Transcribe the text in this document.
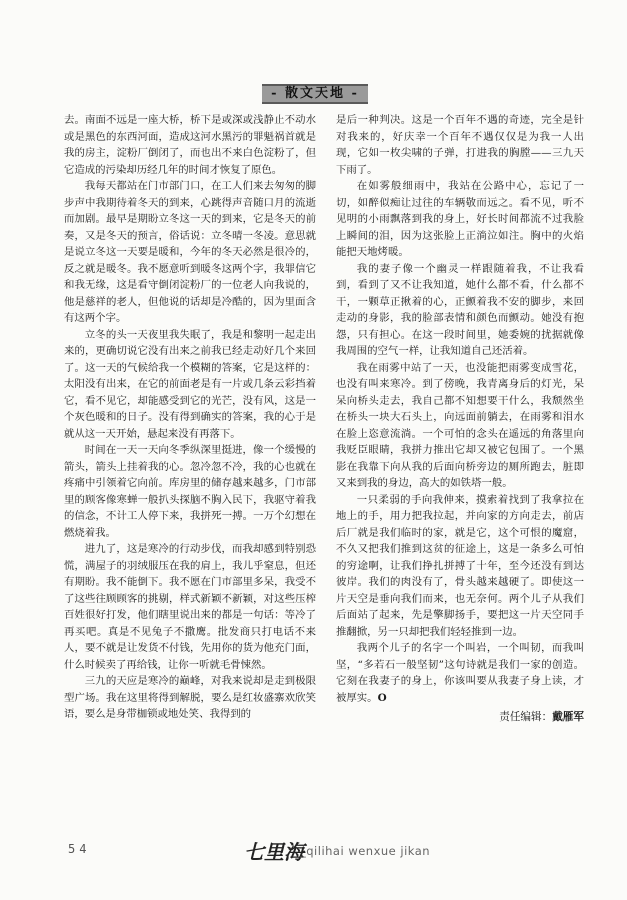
- 散文天地 -

去。南面不远是一座大桥，桥下是或深或浅静止不动水或是黑色的东西河面，造成这河水黑污的罪魁祸首就是我的房主，淀粉厂倒闭了，而也出不来白色淀粉了，但它造成的污染却历经几年的时间才恢复了原色。

我每天都站在门市部门口，在工人们来去匆匆的脚步声中我期待着冬天的到来，心跳得声音随口月的流逝而加剧。最早是期盼立冬这一天的到来，它是冬天的前奏，又是冬天的预言，俗话说：立冬晴一冬凌。意思就是说立冬这一天要是暖和，今年的冬天必然是很冷的，反之就是暖冬。我不愿意听到暖冬这两个字，我罪信它和我无缘，这是看守倒闭淀粉厂的一位老人向我说的，他是慈祥的老人，但他说的话却是冷酷的，因为里面含有这两个字。

立冬的头一天夜里我失眠了，我是和黎明一起走出来的，更确切说它没有出来之前我已经走动好几个来回了。这一天的气候给我一个模糊的答案，它是这样的：太阳没有出来，在它的前面老是有一片或几条云彩挡着它，看不见它，却能感受到它的光芒，没有风，这是一个灰色暖和的日子。没有得到确实的答案，我的心于是就从这一天开始，悬起来没有再落下。

时间在一天一天向冬季纵深里挺进，像一个缓慢的箭头，箭头上挂着我的心。忽冷忽不冷，我的心也就在疼痛中引领着它向前。库房里的储存越来越多，门市部里的顾客像寒蝉一般扒头探脑不胸入民下，我驱守着我的信念，不计工人停下来，我拼死一搏。一万个幻想在燃烧着我。

进九了，这是寒冷的行动步伐，而我却感到特别恐慌，满屋子的羽绒服压在我的肩上，我儿乎窒息，但还有期盼。我不能倒下。我不愿在门市部里多呆，我受不了这些往顾顾客的挑剔，样式新颖不新颖，对这些压榨百姓很好打发，他们瞎里说出来的都是一句话：等冷了再买吧。真是不见兔子不撒鹰。批发商只打电话不来人，要不就是让发货不付钱，先用你的货为他充门面，什么时候卖了再给钱，让你一听就毛骨悚然。

三九的天应是寒冷的巅峰，对我来说却是走到极限型广场。我在这里将得到解脱，要么是红妆盛寨欢欣笑语，要么是身带枷锁或地处笑、我得到的

是后一种判决。这是一个百年不遇的奇迹，完全是针对我来的，好庆幸一个百年不遇仅仅是为我一人出现，它如一枚尖啸的子弹，打进我的胸膛——三九天下雨了。

在如雾般细雨中，我站在公路中心，忘记了一切，如醉似痴让过往的车辆敬而远之。看不见，听不见明的小雨飘落到我的身上，好长时间都流不过我脸上瞬间的泪，因为这张脸上正淌泣如注。胸中的火焰能把天地烤暖。

我的妻子像一个幽灵一样跟随着我，不让我看到，看到了又不让我知道，她什么都不看，什么都不干，一颗草正揪着的心，正颤着我不安的脚步，来回走动的身影，我的脸部表情和颜色而颤动。她没有抱怨，只有担心。在这一段时间里，她委婉的扰据就像我周围的空气一样，让我知道自己还活着。

我在雨雾中站了一天，也没能把雨雾变成雪花，也没有叫来寒冷。到了傍晚，我青离身后的灯光，呆呆向桥头走去，我自己都不知想要干什么，我颓然坐在桥头一块大石头上，向远面前躺去，在雨雾和泪水在脸上恣意流淌。一个可怕的念头在遥远的角落里向我贬臣眼睛，我拼力推出它却又被它包围了。一个黑影在我靠下向从我的后面向桥旁边的厕所跑去，脏即又来到我的身边，高大的如铁塔一般。

一只柔弱的手向我伸来，摸索着找到了我拿拉在地上的手，用力把我拉起，并向家的方向走去，前店后厂就是我们临时的家，就是它，这个可恨的魔窟，不久又把我们推到这贫的征途上，这是一条多么可怕的穷途啊，让我们挣扎拼搏了十年，至今还没有到达彼岸。我们的肉没有了，骨头越来越硬了。即使这一片天空是垂向我们而来，也无奈何。两个儿子从我们后面站了起来，先是擎脚扬手，要把这一片天空同手推翻掀，另一只却把我们轻轻推到一边。

我两个儿子的名字一个叫岩，一个叫韧，而我叫坚，“多若石一般坚韧”这句诗就是我们一家的创造。它刻在我妻子的身上，你该叫要从我妻子身上读，才被厚实。O

责任编辑：戴雁军
54	七里海
_qilihai wenxue jikan
